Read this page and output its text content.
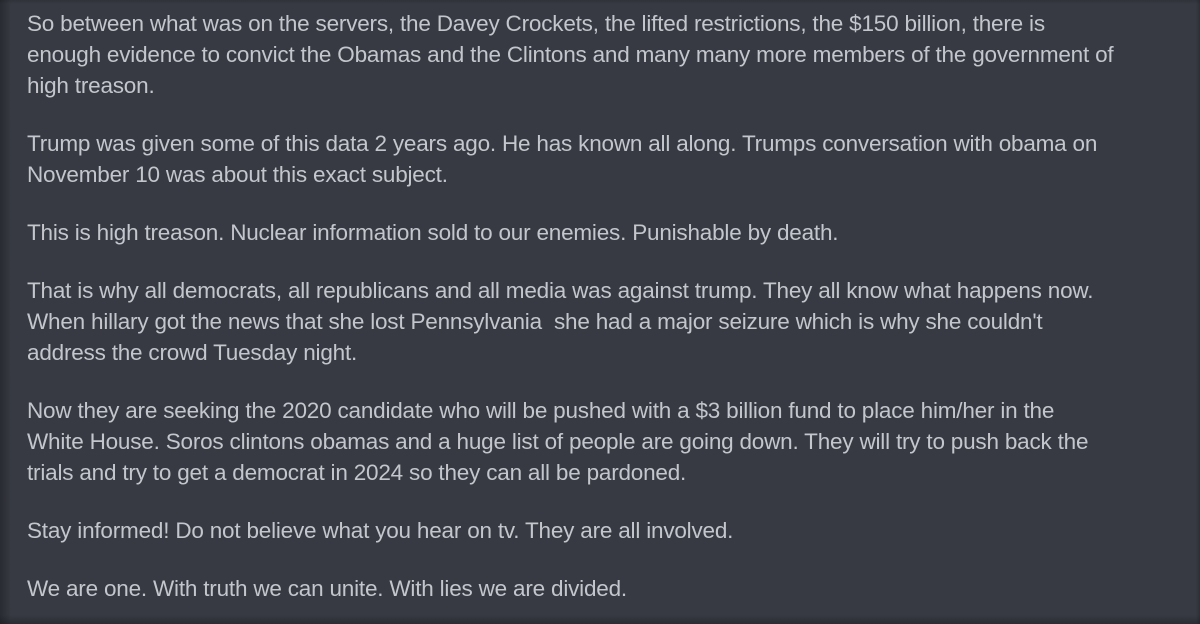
So between what was on the servers, the Davey Crockets, the lifted restrictions, the $150 billion, there is
enough evidence to convict the Obamas and the Clintons and many many more members of the government of
high treason.

Trump was given some of this data 2 years ago. He has known all along. Trumps conversation with obama on
November 10 was about this exact subject.

This is high treason. Nuclear information sold to our enemies. Punishable by death.

That is why all democrats, all republicans and all media was against trump. They all know what happens now.
When hillary got the news that she lost Pennsylvania  she had a major seizure which is why she couldn't
address the crowd Tuesday night.

Now they are seeking the 2020 candidate who will be pushed with a $3 billion fund to place him/her in the
White House. Soros clintons obamas and a huge list of people are going down. They will try to push back the
trials and try to get a democrat in 2024 so they can all be pardoned.

Stay informed! Do not believe what you hear on tv. They are all involved.

We are one. With truth we can unite. With lies we are divided.
